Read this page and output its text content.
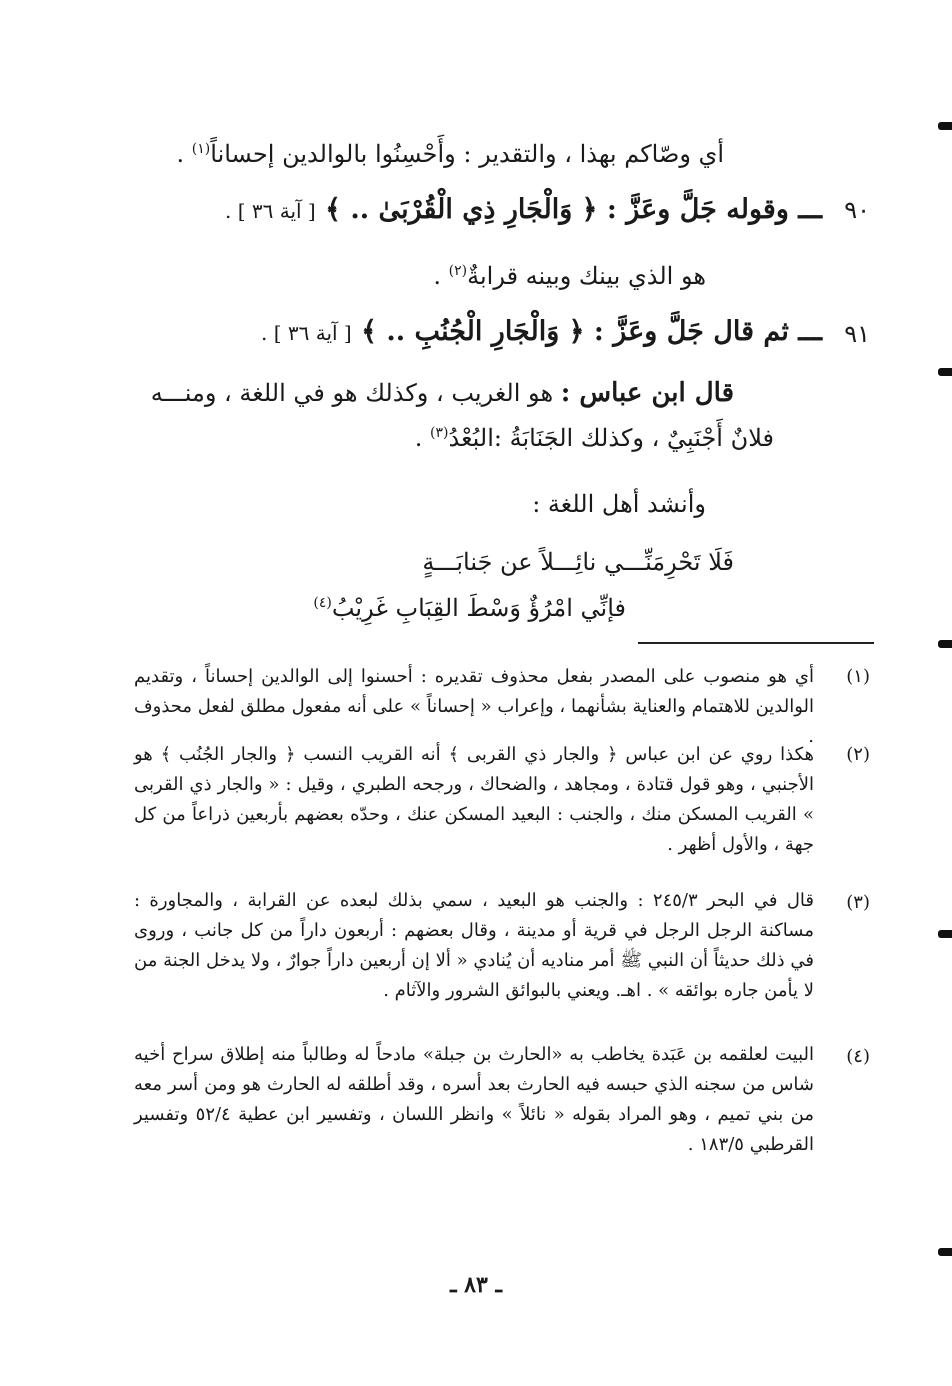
أي وصّاكم بهذا ، والتقدير : وأَحْسِنُوا بالوالدين إحساناً$^{(١)}$ .
٩٠
ـــ وقوله جَلَّ وعَزَّ : ﴿ وَالْجَارِ ذِي الْقُرْبَىٰ .. ﴾ [ آية ٣٦ ] .
هو الذي بينك وبينه قرابةٌ$^{(٢)}$ .
٩١
ـــ ثم قال جَلَّ وعَزَّ : ﴿ وَالْجَارِ الْجُنُبِ .. ﴾ [ آية ٣٦ ] .
قال ابن عباس : هو الغريب ، وكذلك هو في اللغة ، ومنـــه
فلانٌ أَجْنَبِيٌ ، وكذلك الجَنَابَةُ :البُعْدُ$^{(٣)}$ .
وأنشد أهل اللغة :
فَلَا تَحْرِمَنِّـــي نائِـــلاً عن جَنابَـــةٍ
فإنِّي امْرُؤٌ وَسْطَ القِبَابِ غَرِيْبُ$^{(٤)}$
(١)
أي هو منصوب على المصدر بفعل محذوف تقديره : أحسنوا إلى الوالدين إحساناً ، وتقديم الوالدين للاهتمام والعناية بشأنهما ، وإعراب « إحساناً » على أنه مفعول مطلق لفعل محذوف .
(٢)
هكذا روي عن ابن عباس ﴿ والجار ذي القربى ﴾ أنه القريب النسب ﴿ والجار الجُنُب ﴾ هو الأجنبي ، وهو قول قتادة ، ومجاهد ، والضحاك ، ورجحه الطبري ، وقيل : « والجار ذي القربى » القريب المسكن منك ، والجنب : البعيد المسكن عنك ، وحدّه بعضهم بأربعين ذراعاً من كل جهة ، والأول أظهر .
(٣)
قال في البحر ٢٤٥/٣ : والجنب هو البعيد ، سمي بذلك لبعده عن القرابة ، والمجاورة : مساكنة الرجل الرجل في قرية أو مدينة ، وقال بعضهم : أربعون داراً من كل جانب ، وروى في ذلك حديثاً أن النبي ﷺ أمر مناديه أن يُنادي « ألا إن أربعين داراً جوارٌ ، ولا يدخل الجنة من لا يأمن جاره بوائقه » . اهـ. ويعني بالبوائق الشرور والآثام .
(٤)
البيت لعلقمه بن عَبَدة يخاطب به «الحارث بن جبلة» مادحاً له وطالباً منه إطلاق سراح أخيه شاس من سجنه الذي حبسه فيه الحارث بعد أسره ، وقد أطلقه له الحارث هو ومن أسر معه من بني تميم ، وهو المراد بقوله « نائلاً » وانظر اللسان ، وتفسير ابن عطية ٥٢/٤ وتفسير القرطبي ١٨٣/٥ .
ـ ٨٣ ـ
